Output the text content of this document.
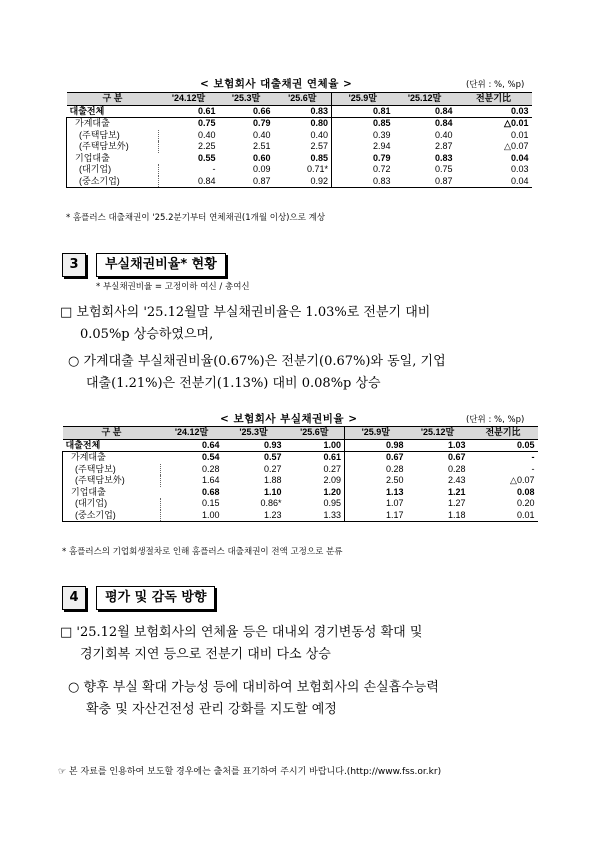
< 보험회사 대출채권 연체율 >	(단위 : %, %p)
구 분	'24.12말	'25.3말	'25.6말	'25.9말	'25.12말	전분기比
대출전체	0.61	0.66	0.83	0.81	0.84	0.03
가계대출	0.75	0.79	0.80	0.85	0.84	△0.01
(주택담보)	0.40	0.40	0.40	0.39	0.40	0.01
(주택담보外)	2.25	2.51	2.57	2.94	2.87	△0.07
기업대출	0.55	0.60	0.85	0.79	0.83	0.04
(대기업)	-	0.09	0.71*	0.72	0.75	0.03
(중소기업)	0.84	0.87	0.92	0.83	0.87	0.04
* 홈플러스 대출채권이 '25.2분기부터 연체채권(1개월 이상)으로 계상
3	부실채권비율* 현황
* 부실채권비율 = 고정이하 여신 / 총여신
□ 보험회사의 '25.12월말 부실채권비율은 1.03%로 전분기 대비
0.05%p 상승하였으며,
○ 가계대출 부실채권비율(0.67%)은 전분기(0.67%)와 동일, 기업
대출(1.21%)은 전분기(1.13%) 대비 0.08%p 상승
< 보험회사 부실채권비율 >	(단위 : %, %p)
구 분	'24.12말	'25.3말	'25.6말	'25.9말	'25.12말	전분기比
대출전체	0.64	0.93	1.00	0.98	1.03	0.05
가계대출	0.54	0.57	0.61	0.67	0.67	-
(주택담보)	0.28	0.27	0.27	0.28	0.28	-
(주택담보外)	1.64	1.88	2.09	2.50	2.43	△0.07
기업대출	0.68	1.10	1.20	1.13	1.21	0.08
(대기업)	0.15	0.86*	0.95	1.07	1.27	0.20
(중소기업)	1.00	1.23	1.33	1.17	1.18	0.01
* 홈플러스의 기업회생절차로 인해 홈플러스 대출채권이 전액 고정으로 분류
4	평가 및 감독 방향
□ '25.12월 보험회사의 연체율 등은 대내외 경기변동성 확대 및
경기회복 지연 등으로 전분기 대비 다소 상승
○ 향후 부실 확대 가능성 등에 대비하여 보험회사의 손실흡수능력
확충 및 자산건전성 관리 강화를 지도할 예정
☞ 본 자료를 인용하여 보도할 경우에는 출처를 표기하여 주시기 바랍니다.(http://www.fss.or.kr)
